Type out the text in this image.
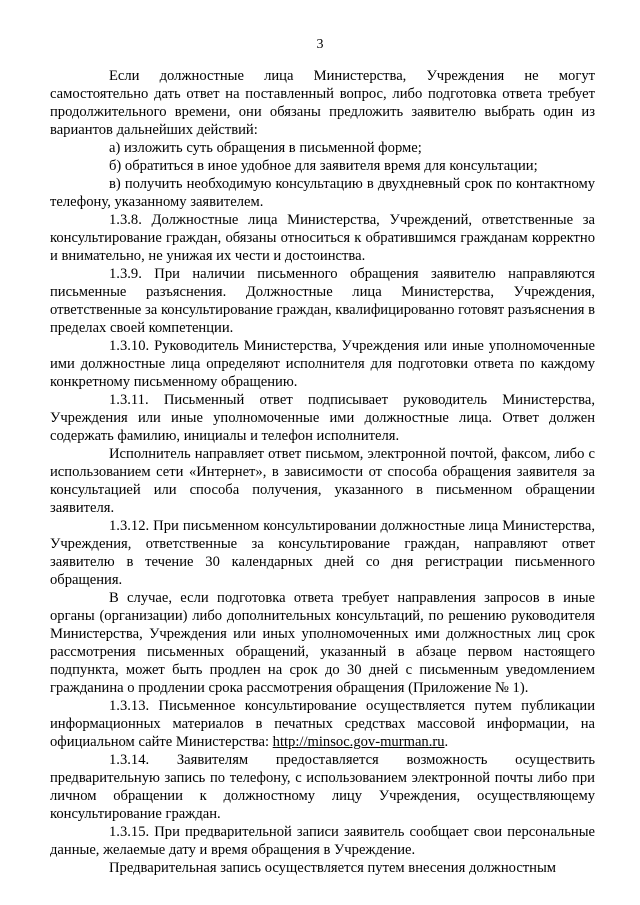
3

Если должностные лица Министерства, Учреждения не могут самостоятельно дать ответ на поставленный вопрос, либо подготовка ответа требует продолжительного времени, они обязаны предложить заявителю выбрать один из вариантов дальнейших действий:

а) изложить суть обращения в письменной форме;

б) обратиться в иное удобное для заявителя время для консультации;

в) получить необходимую консультацию в двухдневный срок по контактному телефону, указанному заявителем.

1.3.8. Должностные лица Министерства, Учреждений, ответственные за консультирование граждан, обязаны относиться к обратившимся гражданам корректно и внимательно, не унижая их чести и достоинства.

1.3.9. При наличии письменного обращения заявителю направляются письменные разъяснения. Должностные лица Министерства, Учреждения, ответственные за консультирование граждан, квалифицированно готовят разъяснения в пределах своей компетенции.

1.3.10. Руководитель Министерства, Учреждения или иные уполномоченные ими должностные лица определяют исполнителя для подготовки ответа по каждому конкретному письменному обращению.

1.3.11. Письменный ответ подписывает руководитель Министерства, Учреждения или иные уполномоченные ими должностные лица. Ответ должен содержать фамилию, инициалы и телефон исполнителя.

Исполнитель направляет ответ письмом, электронной почтой, факсом, либо с использованием сети «Интернет», в зависимости от способа обращения заявителя за консультацией или способа получения, указанного в письменном обращении заявителя.

1.3.12. При письменном консультировании должностные лица Министерства, Учреждения, ответственные за консультирование граждан, направляют ответ заявителю в течение 30 календарных дней со дня регистрации письменного обращения.

В случае, если подготовка ответа требует направления запросов в иные органы (организации) либо дополнительных консультаций, по решению руководителя Министерства, Учреждения или иных уполномоченных ими должностных лиц срок рассмотрения письменных обращений, указанный в абзаце первом настоящего подпункта, может быть продлен на срок до 30 дней с письменным уведомлением гражданина о продлении срока рассмотрения обращения (Приложение № 1).

1.3.13. Письменное консультирование осуществляется путем публикации информационных материалов в печатных средствах массовой информации, на официальном сайте Министерства: http://minsoc.gov-murman.ru.

1.3.14. Заявителям предоставляется возможность осуществить предварительную запись по телефону, с использованием электронной почты либо при личном обращении к должностному лицу Учреждения, осуществляющему консультирование граждан.

1.3.15. При предварительной записи заявитель сообщает свои персональные данные, желаемые дату и время обращения в Учреждение.

Предварительная запись осуществляется путем внесения должностным
